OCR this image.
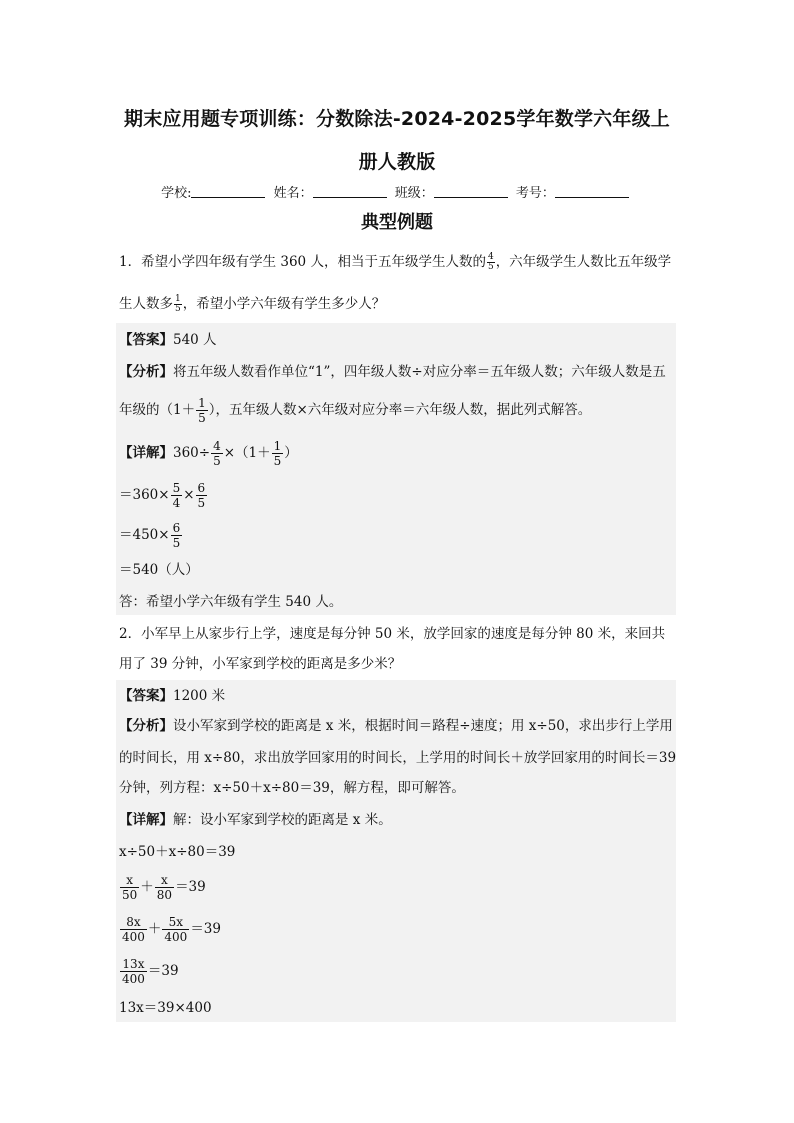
期末应用题专项训练：分数除法-2024-2025学年数学六年级上
册人教版
学校:	姓名：	班级：	考号：
典型例题
1．希望小学四年级有学生 360 人，相当于五年级学生人数的 $\frac{4}{5}$ ，六年级学生人数比五年级学
生人数多 $\frac{1}{5}$ ，希望小学六年级有学生多少人？
【答案】540 人
【分析】将五年级人数看作单位“1”，四年级人数÷对应分率＝五年级人数；六年级人数是五
年级的（$1+ \frac{1}{5}$ ），五年级人数×六年级对应分率＝六年级人数，据此列式解答。
【详解】$360\div \frac{4}{5} \times(1+ \frac{1}{5}$ ）
$=360\times \frac{5}{4} \times \frac{6}{5}$
$=450\times \frac{6}{5}$
＝540（人）
答：希望小学六年级有学生 540 人。
2．小军早上从家步行上学，速度是每分钟 50 米，放学回家的速度是每分钟 80 米，来回共
用了 39 分钟，小军家到学校的距离是多少米？
【答案】1200 米
【分析】设小军家到学校的距离是 x 米，根据时间＝路程÷速度；用 x÷50，求出步行上学用
的时间长，用 x÷80，求出放学回家用的时间长，上学用的时间长＋放学回家用的时间长＝39
分钟，列方程：x÷50＋x÷80＝39，解方程，即可解答。
【详解】解：设小军家到学校的距离是 x 米。
x÷50＋x÷80＝39
$\frac{x}{50} + \frac{x}{80} =39$
$\frac{8x}{400} + \frac{5x}{400} =39$
$\frac{13x}{400} =39$
13x＝39×400
